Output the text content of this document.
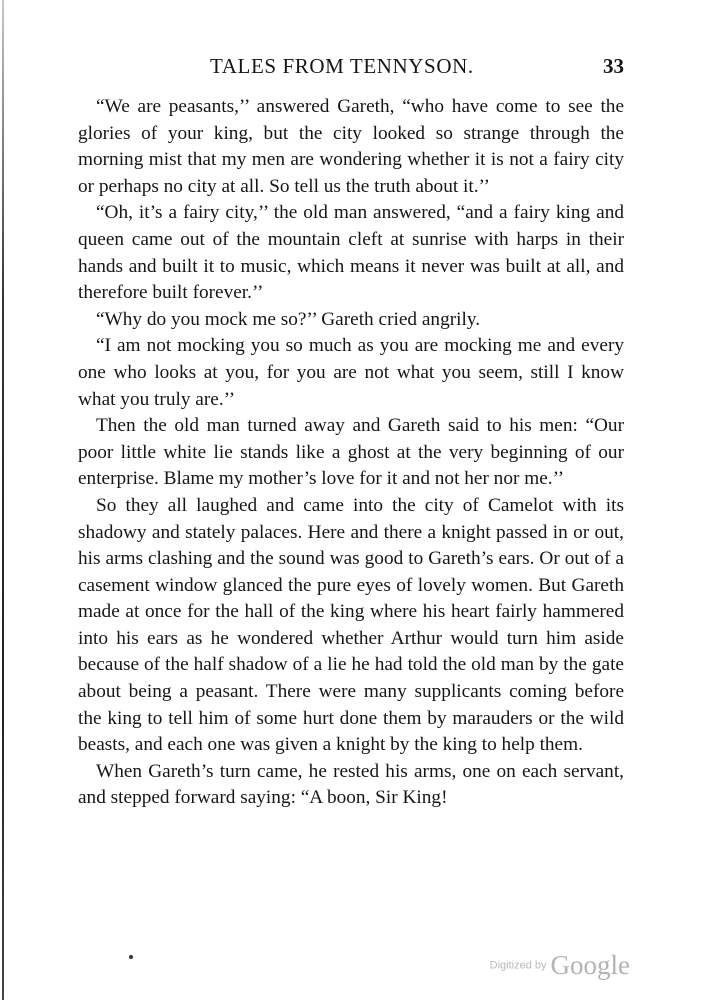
TALES FROM TENNYSON.	33

“We are peasants,’’ answered Gareth, “who have come to see the glories of your king, but the city looked so strange through the morning mist that my men are wondering whether it is not a fairy city or perhaps no city at all. So tell us the truth about it.’’

“Oh, it’s a fairy city,’’ the old man answered, “and a fairy king and queen came out of the mountain cleft at sunrise with harps in their hands and built it to music, which means it never was built at all, and therefore built forever.’’

“Why do you mock me so?’’ Gareth cried angrily.

“I am not mocking you so much as you are mocking me and every one who looks at you, for you are not what you seem, still I know what you truly are.’’

Then the old man turned away and Gareth said to his men: “Our poor little white lie stands like a ghost at the very beginning of our enterprise. Blame my mother’s love for it and not her nor me.’’

So they all laughed and came into the city of Camelot with its shadowy and stately palaces. Here and there a knight passed in or out, his arms clashing and the sound was good to Gareth’s ears. Or out of a casement window glanced the pure eyes of lovely women. But Gareth made at once for the hall of the king where his heart fairly hammered into his ears as he wondered whether Arthur would turn him aside because of the half shadow of a lie he had told the old man by the gate about being a peasant. There were many supplicants coming before the king to tell him of some hurt done them by marauders or the wild beasts, and each one was given a knight by the king to help them.

When Gareth’s turn came, he rested his arms, one on each servant, and stepped forward saying: “A boon, Sir King!

Digitized by Google
